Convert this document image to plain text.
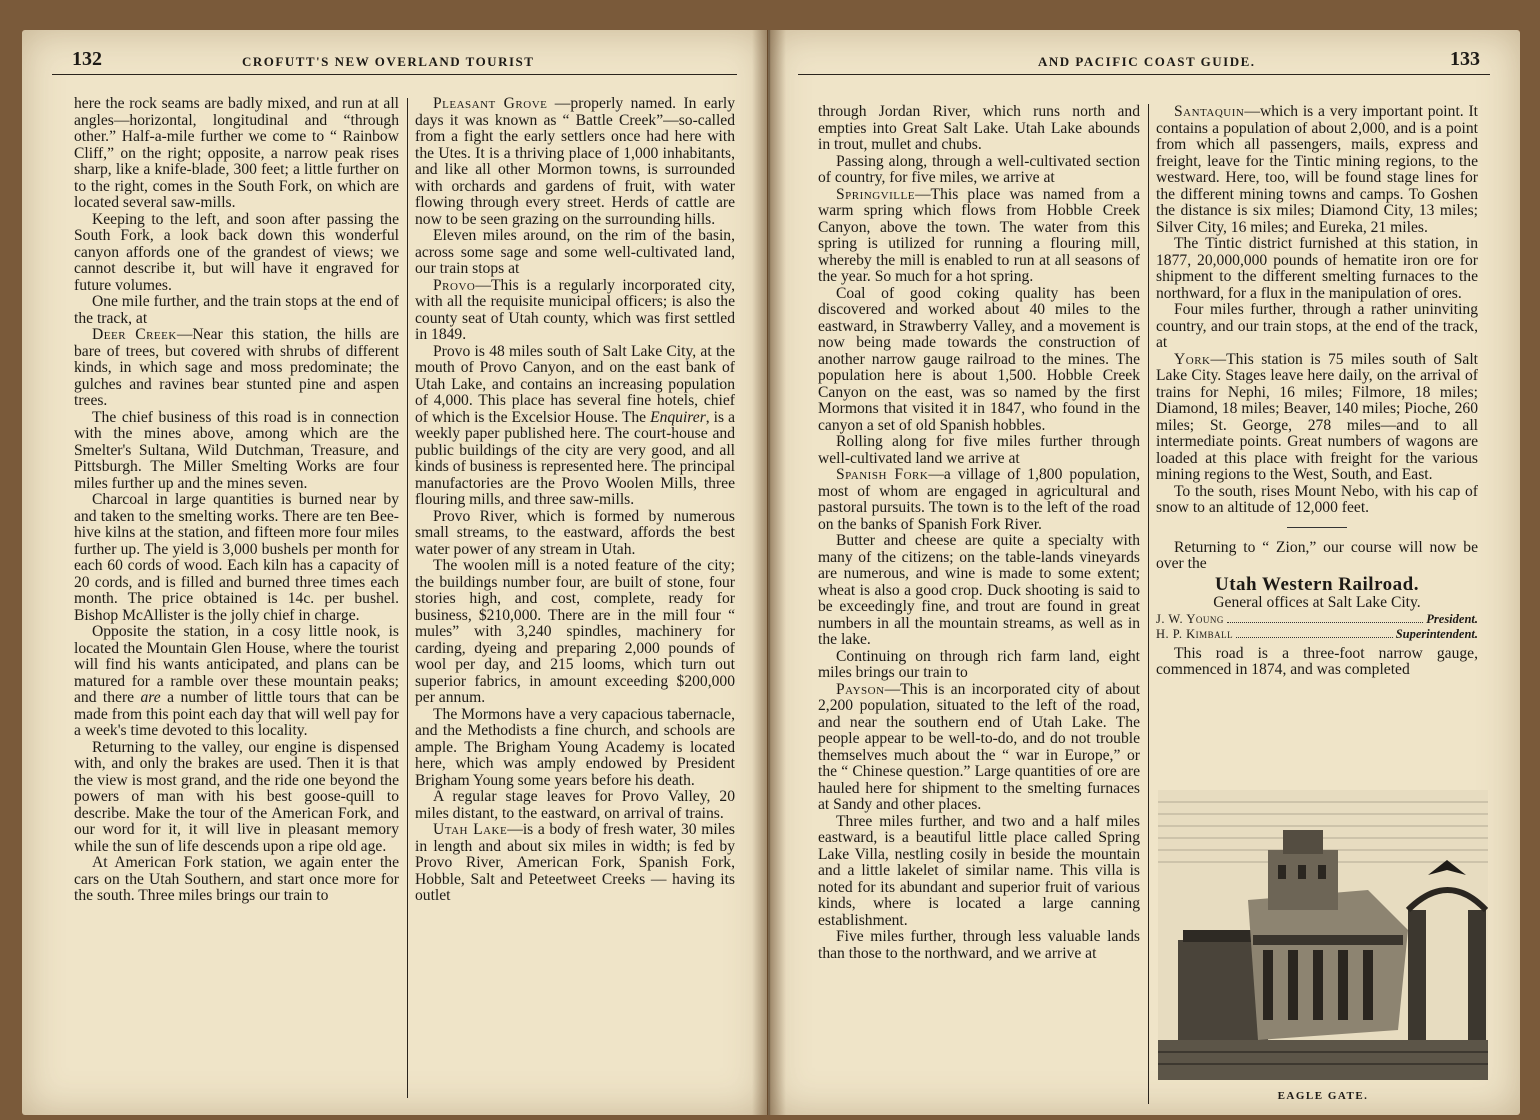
132	CROFUTT'S NEW OVERLAND TOURIST

here the rock seams are badly mixed, and run at all angles—horizontal, longitudinal and “through other.” Half-a-mile further we come to “ Rainbow Cliff,” on the right; opposite, a narrow peak rises sharp, like a knife-blade, 300 feet; a little further on to the right, comes in the South Fork, on which are located several saw-mills.

Keeping to the left, and soon after passing the South Fork, a look back down this wonderful canyon affords one of the grandest of views; we cannot describe it, but will have it engraved for future volumes.

One mile further, and the train stops at the end of the track, at

Deer Creek—Near this station, the hills are bare of trees, but covered with shrubs of different kinds, in which sage and moss predominate; the gulches and ravines bear stunted pine and aspen trees.

The chief business of this road is in connection with the mines above, among which are the Smelter's Sultana, Wild Dutchman, Treasure, and Pittsburgh. The Miller Smelting Works are four miles further up and the mines seven.

Charcoal in large quantities is burned near by and taken to the smelting works. There are ten Bee-hive kilns at the station, and fifteen more four miles further up. The yield is 3,000 bushels per month for each 60 cords of wood. Each kiln has a capacity of 20 cords, and is filled and burned three times each month. The price obtained is 14c. per bushel. Bishop McAllister is the jolly chief in charge.

Opposite the station, in a cosy little nook, is located the Mountain Glen House, where the tourist will find his wants anticipated, and plans can be matured for a ramble over these mountain peaks; and there are a number of little tours that can be made from this point each day that will well pay for a week's time devoted to this locality.

Returning to the valley, our engine is dispensed with, and only the brakes are used. Then it is that the view is most grand, and the ride one beyond the powers of man with his best goose-quill to describe. Make the tour of the American Fork, and our word for it, it will live in pleasant memory while the sun of life descends upon a ripe old age.

At American Fork station, we again enter the cars on the Utah Southern, and start once more for the south. Three miles brings our train to

Pleasant Grove —properly named. In early days it was known as “ Battle Creek”—so-called from a fight the early settlers once had here with the Utes. It is a thriving place of 1,000 inhabitants, and like all other Mormon towns, is surrounded with orchards and gardens of fruit, with water flowing through every street. Herds of cattle are now to be seen grazing on the surrounding hills.

Eleven miles around, on the rim of the basin, across some sage and some well-cultivated land, our train stops at

Provo—This is a regularly incorporated city, with all the requisite municipal officers; is also the county seat of Utah county, which was first settled in 1849.

Provo is 48 miles south of Salt Lake City, at the mouth of Provo Canyon, and on the east bank of Utah Lake, and contains an increasing population of 4,000. This place has several fine hotels, chief of which is the Excelsior House. The Enquirer, is a weekly paper published here. The court-house and public buildings of the city are very good, and all kinds of business is represented here. The principal manufactories are the Provo Woolen Mills, three flouring mills, and three saw-mills.

Provo River, which is formed by numerous small streams, to the eastward, affords the best water power of any stream in Utah.

The woolen mill is a noted feature of the city; the buildings number four, are built of stone, four stories high, and cost, complete, ready for business, $210,000. There are in the mill four “ mules” with 3,240 spindles, machinery for carding, dyeing and preparing 2,000 pounds of wool per day, and 215 looms, which turn out superior fabrics, in amount exceeding $200,000 per annum.

The Mormons have a very capacious tabernacle, and the Methodists a fine church, and schools are ample. The Brigham Young Academy is located here, which was amply endowed by President Brigham Young some years before his death.

A regular stage leaves for Provo Valley, 20 miles distant, to the eastward, on arrival of trains.

Utah Lake—is a body of fresh water, 30 miles in length and about six miles in width; is fed by Provo River, American Fork, Spanish Fork, Hobble, Salt and Peteetweet Creeks — having its outlet

AND PACIFIC COAST GUIDE.	133

through Jordan River, which runs north and empties into Great Salt Lake. Utah Lake abounds in trout, mullet and chubs.

Passing along, through a well-cultivated section of country, for five miles, we arrive at

Springville—This place was named from a warm spring which flows from Hobble Creek Canyon, above the town. The water from this spring is utilized for running a flouring mill, whereby the mill is enabled to run at all seasons of the year. So much for a hot spring.

Coal of good coking quality has been discovered and worked about 40 miles to the eastward, in Strawberry Valley, and a movement is now being made towards the construction of another narrow gauge railroad to the mines. The population here is about 1,500. Hobble Creek Canyon on the east, was so named by the first Mormons that visited it in 1847, who found in the canyon a set of old Spanish hobbles.

Rolling along for five miles further through well-cultivated land we arrive at

Spanish Fork—a village of 1,800 population, most of whom are engaged in agricultural and pastoral pursuits. The town is to the left of the road on the banks of Spanish Fork River.

Butter and cheese are quite a specialty with many of the citizens; on the table-lands vineyards are numerous, and wine is made to some extent; wheat is also a good crop. Duck shooting is said to be exceedingly fine, and trout are found in great numbers in all the mountain streams, as well as in the lake.

Continuing on through rich farm land, eight miles brings our train to

Payson—This is an incorporated city of about 2,200 population, situated to the left of the road, and near the southern end of Utah Lake. The people appear to be well-to-do, and do not trouble themselves much about the “ war in Europe,” or the “ Chinese question.” Large quantities of ore are hauled here for shipment to the smelting furnaces at Sandy and other places.

Three miles further, and two and a half miles eastward, is a beautiful little place called Spring Lake Villa, nestling cosily in beside the mountain and a little lakelet of similar name. This villa is noted for its abundant and superior fruit of various kinds, where is located a large canning establishment.

Five miles further, through less valuable lands than those to the northward, and we arrive at

Santaquin—which is a very important point. It contains a population of about 2,000, and is a point from which all passengers, mails, express and freight, leave for the Tintic mining regions, to the westward. Here, too, will be found stage lines for the different mining towns and camps. To Goshen the distance is six miles; Diamond City, 13 miles; Silver City, 16 miles; and Eureka, 21 miles.

The Tintic district furnished at this station, in 1877, 20,000,000 pounds of hematite iron ore for shipment to the different smelting furnaces to the northward, for a flux in the manipulation of ores.

Four miles further, through a rather uninviting country, and our train stops, at the end of the track, at

York—This station is 75 miles south of Salt Lake City. Stages leave here daily, on the arrival of trains for Nephi, 16 miles; Filmore, 18 miles; Diamond, 18 miles; Beaver, 140 miles; Pioche, 260 miles; St. George, 278 miles—and to all intermediate points. Great numbers of wagons are loaded at this place with freight for the various mining regions to the West, South, and East.

To the south, rises Mount Nebo, with his cap of snow to an altitude of 12,000 feet.

Returning to “ Zion,” our course will now be over the

Utah Western Railroad.
General offices at Salt Lake City.
J. W. Young	President.
H. P. Kimball	Superintendent.

This road is a three-foot narrow gauge, commenced in 1874, and was completed

EAGLE GATE.
